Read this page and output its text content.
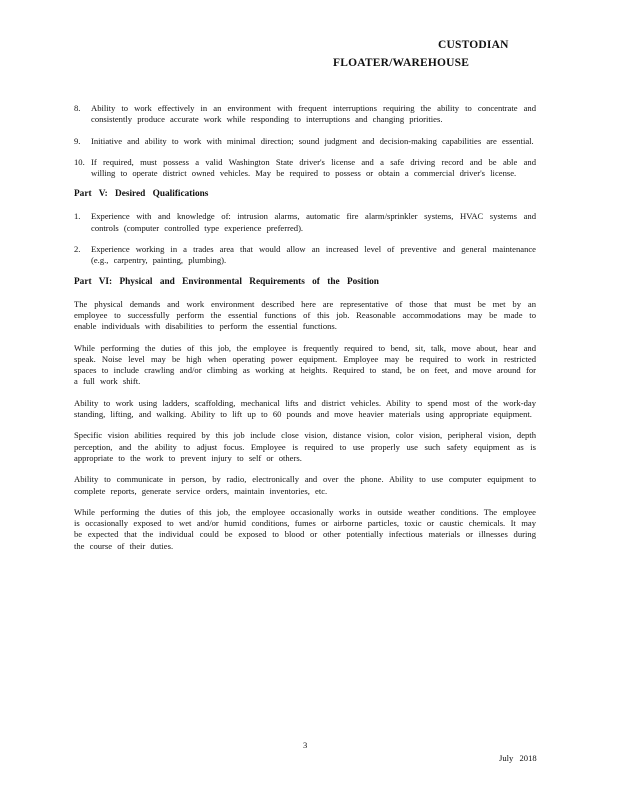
CUSTODIAN
FLOATER/WAREHOUSE
8.	Ability to work effectively in an environment with frequent interruptions requiring the ability to concentrate and consistently produce accurate work while responding to interruptions and changing priorities.
9.	Initiative and ability to work with minimal direction; sound judgment and decision-making capabilities are essential.
10. If required, must possess a valid Washington State driver's license and a safe driving record and be able and willing to operate district owned vehicles. May be required to possess or obtain a commercial driver's license.
Part V: Desired Qualifications
1.	Experience with and knowledge of: intrusion alarms, automatic fire alarm/sprinkler systems, HVAC systems and controls (computer controlled type experience preferred).
2.	Experience working in a trades area that would allow an increased level of preventive and general maintenance (e.g., carpentry, painting, plumbing).
Part VI: Physical and Environmental Requirements of the Position

The physical demands and work environment described here are representative of those that must be met by an employee to successfully perform the essential functions of this job. Reasonable accommodations may be made to enable individuals with disabilities to perform the essential functions.

While performing the duties of this job, the employee is frequently required to bend, sit, talk, move about, hear and speak. Noise level may be high when operating power equipment. Employee may be required to work in restricted spaces to include crawling and/or climbing as working at heights. Required to stand, be on feet, and move around for a full work shift.

Ability to work using ladders, scaffolding, mechanical lifts and district vehicles. Ability to spend most of the work-day standing, lifting, and walking. Ability to lift up to 60 pounds and move heavier materials using appropriate equipment.

Specific vision abilities required by this job include close vision, distance vision, color vision, peripheral vision, depth perception, and the ability to adjust focus. Employee is required to use properly use such safety equipment as is appropriate to the work to prevent injury to self or others.

Ability to communicate in person, by radio, electronically and over the phone. Ability to use computer equipment to complete reports, generate service orders, maintain inventories, etc.

While performing the duties of this job, the employee occasionally works in outside weather conditions. The employee is occasionally exposed to wet and/or humid conditions, fumes or airborne particles, toxic or caustic chemicals. It may be expected that the individual could be exposed to blood or other potentially infectious materials or illnesses during the course of their duties.

3
July 2018
